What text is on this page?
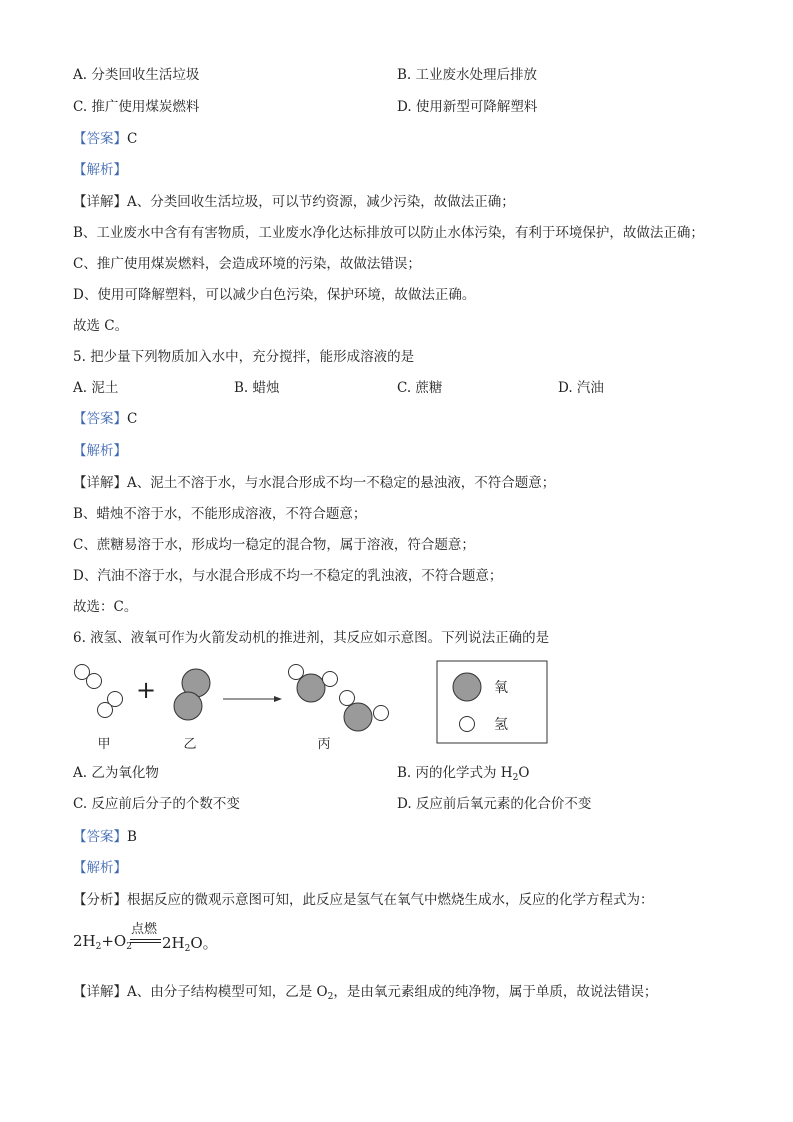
A. 分类回收生活垃圾	B. 工业废水处理后排放
C. 推广使用煤炭燃料	D. 使用新型可降解塑料
【答案】C
【解析】
【详解】A、分类回收生活垃圾，可以节约资源，减少污染，故做法正确；
B、工业废水中含有有害物质，工业废水净化达标排放可以防止水体污染，有利于环境保护，故做法正确；
C、推广使用煤炭燃料，会造成环境的污染，故做法错误；
D、使用可降解塑料，可以减少白色污染，保护环境，故做法正确。
故选 C。
5. 把少量下列物质加入水中，充分搅拌，能形成溶液的是
A. 泥土	B. 蜡烛	C. 蔗糖	D. 汽油
【答案】C
【解析】
【详解】A、泥土不溶于水，与水混合形成不均一不稳定的悬浊液，不符合题意；
B、蜡烛不溶于水，不能形成溶液，不符合题意；
C、蔗糖易溶于水，形成均一稳定的混合物，属于溶液，符合题意；
D、汽油不溶于水，与水混合形成不均一不稳定的乳浊液，不符合题意；
故选：C。
6. 液氢、液氧可作为火箭发动机的推进剂，其反应如示意图。下列说法正确的是
+
甲	乙	丙
氧
氢
A. 乙为氧化物	B. 丙的化学式为 $H_2O$
C. 反应前后分子的个数不变	D. 反应前后氧元素的化合价不变
【答案】B
【解析】
【分析】根据反应的微观示意图可知，此反应是氢气在氧气中燃烧生成水，反应的化学方程式为：
$2H_2+O_2$
点燃
$2H_2O$。
【详解】A、由分子结构模型可知，乙是 $O_2$，是由氧元素组成的纯净物，属于单质，故说法错误；
